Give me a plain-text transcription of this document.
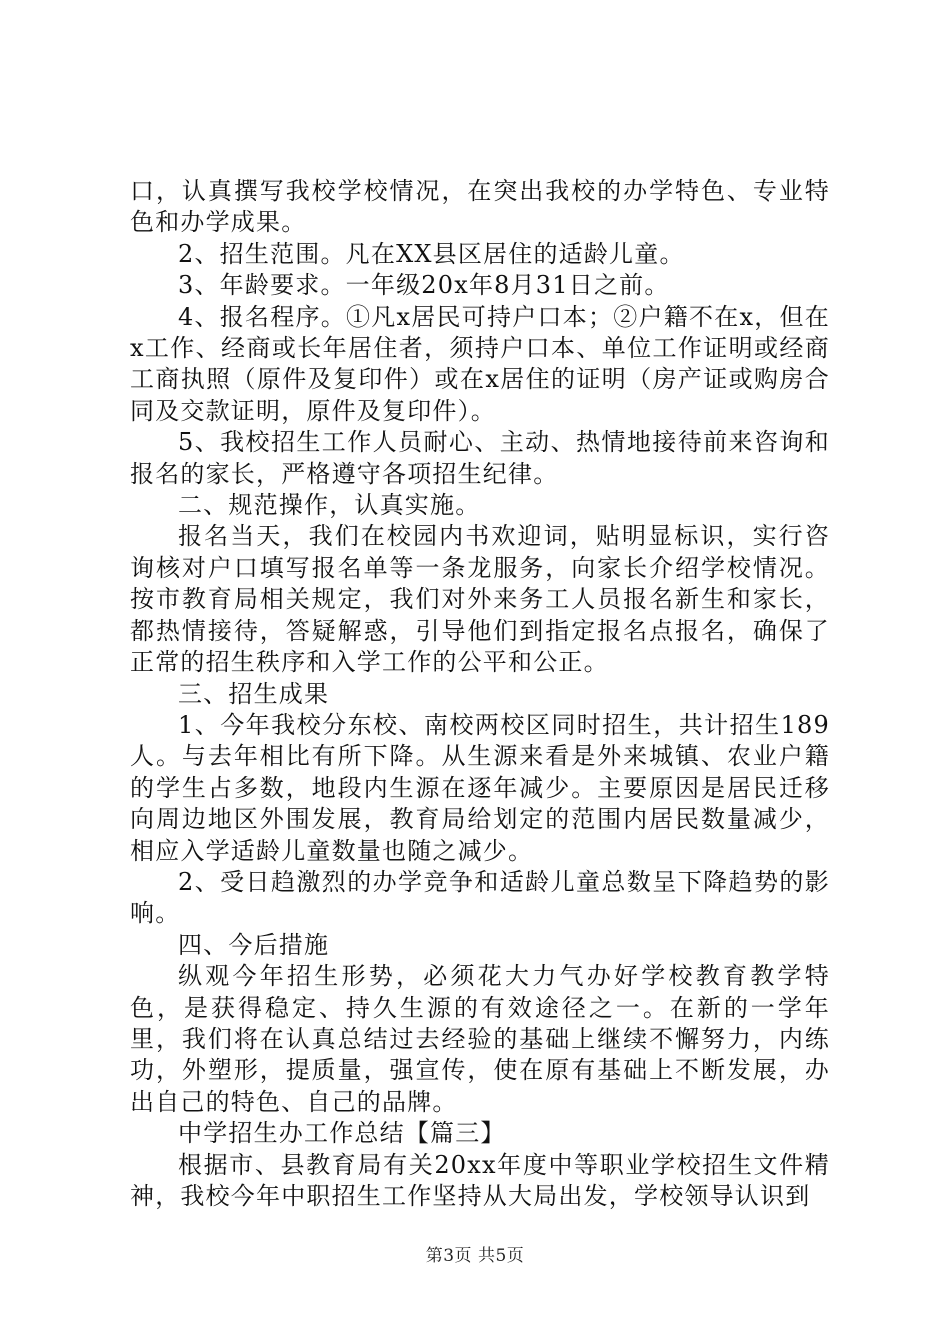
口，认真撰写我校学校情况，在突出我校的办学特色、专业特色和办学成果。

2、招生范围。凡在XX县区居住的适龄儿童。

3、年龄要求。一年级20x年8月31日之前。

4、报名程序。①凡x居民可持户口本；②户籍不在x，但在x工作、经商或长年居住者，须持户口本、单位工作证明或经商工商执照（原件及复印件）或在x居住的证明（房产证或购房合同及交款证明，原件及复印件）。

5、我校招生工作人员耐心、主动、热情地接待前来咨询和报名的家长，严格遵守各项招生纪律。

二、规范操作，认真实施。

报名当天，我们在校园内书欢迎词，贴明显标识，实行咨询核对户口填写报名单等一条龙服务，向家长介绍学校情况。按市教育局相关规定，我们对外来务工人员报名新生和家长，都热情接待，答疑解惑，引导他们到指定报名点报名，确保了正常的招生秩序和入学工作的公平和公正。

三、招生成果

1、今年我校分东校、南校两校区同时招生，共计招生189人。与去年相比有所下降。从生源来看是外来城镇、农业户籍的学生占多数，地段内生源在逐年减少。主要原因是居民迁移向周边地区外围发展，教育局给划定的范围内居民数量减少，相应入学适龄儿童数量也随之减少。

2、受日趋激烈的办学竞争和适龄儿童总数呈下降趋势的影响。

四、今后措施

纵观今年招生形势，必须花大力气办好学校教育教学特色，是获得稳定、持久生源的有效途径之一。在新的一学年里，我们将在认真总结过去经验的基础上继续不懈努力，内练功，外塑形，提质量，强宣传，使在原有基础上不断发展，办出自己的特色、自己的品牌。

中学招生办工作总结【篇三】

根据市、县教育局有关20xx年度中等职业学校招生文件精神，我校今年中职招生工作坚持从大局出发，学校领导认识到

第3页 共5页
